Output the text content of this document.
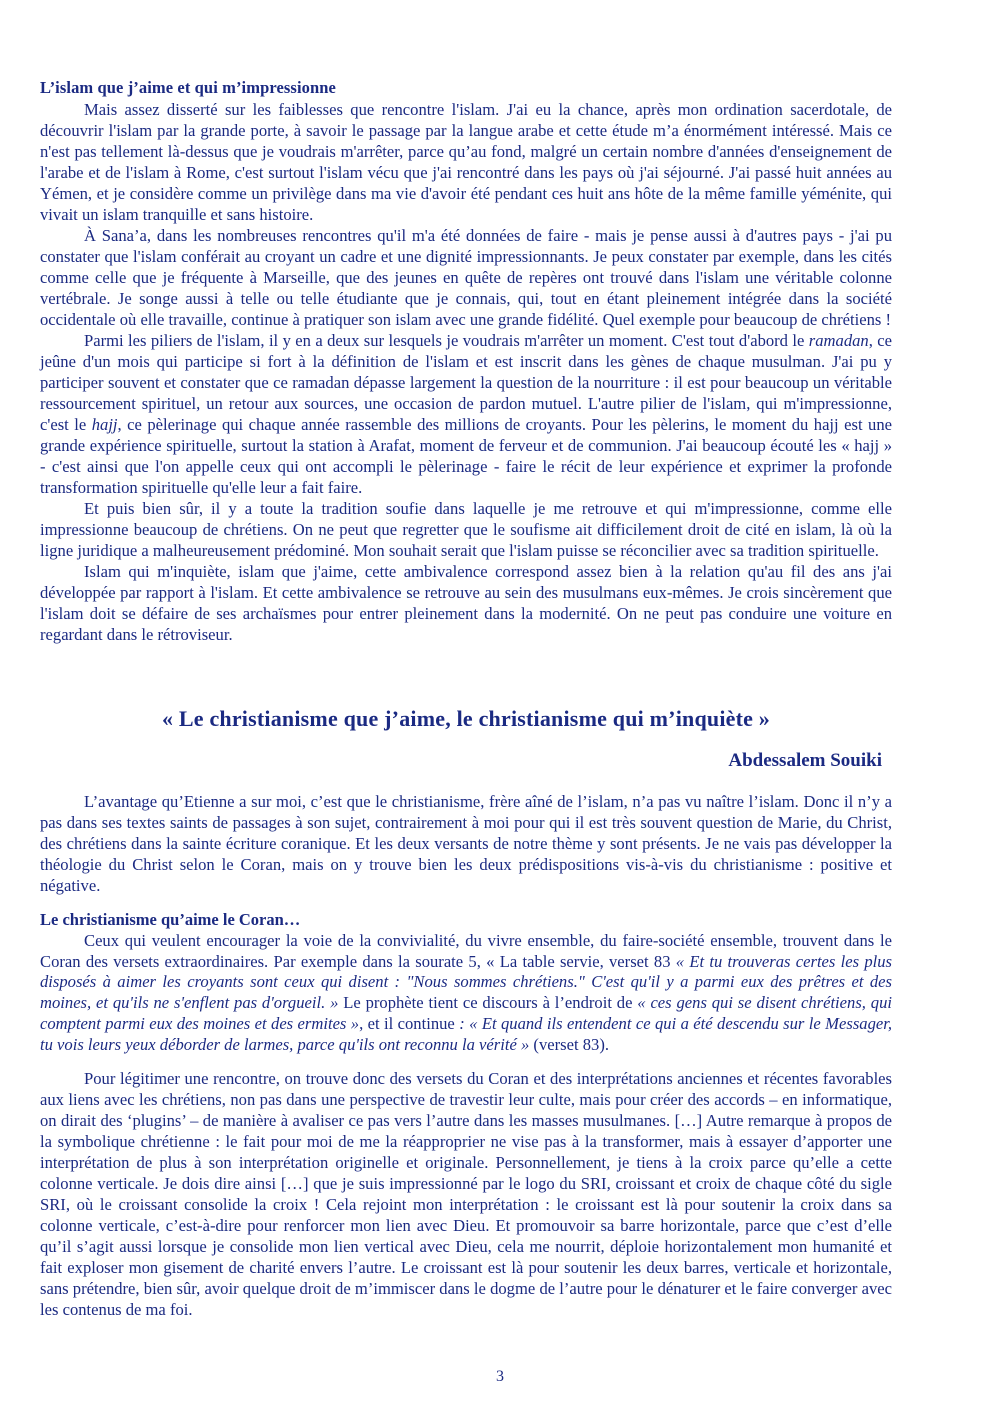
L’islam que j’aime et qui m’impressionne

Mais assez disserté sur les faiblesses que rencontre l'islam. J'ai eu la chance, après mon ordination sacerdotale, de découvrir l'islam par la grande porte, à savoir le passage par la langue arabe et cette étude m’a énormément intéressé. Mais ce n'est pas tellement là-dessus que je voudrais m'arrêter, parce qu’au fond, malgré un certain nombre d'années d'enseignement de l'arabe et de l'islam à Rome, c'est surtout l'islam vécu que j'ai rencontré dans les pays où j'ai séjourné. J'ai passé huit années au Yémen, et je considère comme un privilège dans ma vie d'avoir été pendant ces huit ans hôte de la même famille yéménite, qui vivait un islam tranquille et sans histoire.

À Sana’a, dans les nombreuses rencontres qu'il m'a été données de faire - mais je pense aussi à d'autres pays - j'ai pu constater que l'islam conférait au croyant un cadre et une dignité impressionnants. Je peux constater par exemple, dans les cités comme celle que je fréquente à Marseille, que des jeunes en quête de repères ont trouvé dans l'islam une véritable colonne vertébrale. Je songe aussi à telle ou telle étudiante que je connais, qui, tout en étant pleinement intégrée dans la société occidentale où elle travaille, continue à pratiquer son islam avec une grande fidélité. Quel exemple pour beaucoup de chrétiens !

Parmi les piliers de l'islam, il y en a deux sur lesquels je voudrais m'arrêter un moment. C'est tout d'abord le ramadan, ce jeûne d'un mois qui participe si fort à la définition de l'islam et est inscrit dans les gènes de chaque musulman. J'ai pu y participer souvent et constater que ce ramadan dépasse largement la question de la nourriture : il est pour beaucoup un véritable ressourcement spirituel, un retour aux sources, une occasion de pardon mutuel. L'autre pilier de l'islam, qui m'impressionne, c'est le hajj, ce pèlerinage qui chaque année rassemble des millions de croyants. Pour les pèlerins, le moment du hajj est une grande expérience spirituelle, surtout la station à Arafat, moment de ferveur et de communion. J'ai beaucoup écouté les « hajj » - c'est ainsi que l'on appelle ceux qui ont accompli le pèlerinage - faire le récit de leur expérience et exprimer la profonde transformation spirituelle qu'elle leur a fait faire.

Et puis bien sûr, il y a toute la tradition soufie dans laquelle je me retrouve et qui m'impressionne, comme elle impressionne beaucoup de chrétiens. On ne peut que regretter que le soufisme ait difficilement droit de cité en islam, là où la ligne juridique a malheureusement prédominé. Mon souhait serait que l'islam puisse se réconcilier avec sa tradition spirituelle.

Islam qui m'inquiète, islam que j'aime, cette ambivalence correspond assez bien à la relation qu'au fil des ans j'ai développée par rapport à l'islam. Et cette ambivalence se retrouve au sein des musulmans eux-mêmes. Je crois sincèrement que l'islam doit se défaire de ses archaïsmes pour entrer pleinement dans la modernité. On ne peut pas conduire une voiture en regardant dans le rétroviseur.

« Le christianisme que j’aime, le christianisme qui m’inquiète »
Abdessalem Souiki

L’avantage qu’Etienne a sur moi, c’est que le christianisme, frère aîné de l’islam, n’a pas vu naître l’islam. Donc il n’y a pas dans ses textes saints de passages à son sujet, contrairement à moi pour qui il est très souvent question de Marie, du Christ, des chrétiens dans la sainte écriture coranique. Et les deux versants de notre thème y sont présents. Je ne vais pas développer la théologie du Christ selon le Coran, mais on y trouve bien les deux prédispositions vis-à-vis du christianisme : positive et négative.

Le christianisme qu’aime le Coran…

Ceux qui veulent encourager la voie de la convivialité, du vivre ensemble, du faire-société ensemble, trouvent dans le Coran des versets extraordinaires. Par exemple dans la sourate 5, « La table servie, verset 83 « Et tu trouveras certes les plus disposés à aimer les croyants sont ceux qui disent : "Nous sommes chrétiens." C'est qu'il y a parmi eux des prêtres et des moines, et qu'ils ne s'enflent pas d'orgueil. » Le prophète tient ce discours à l’endroit de « ces gens qui se disent chrétiens, qui comptent parmi eux des moines et des ermites », et il continue : « Et quand ils entendent ce qui a été descendu sur le Messager, tu vois leurs yeux déborder de larmes, parce qu'ils ont reconnu la vérité » (verset 83).

Pour légitimer une rencontre, on trouve donc des versets du Coran et des interprétations anciennes et récentes favorables aux liens avec les chrétiens, non pas dans une perspective de travestir leur culte, mais pour créer des accords – en informatique, on dirait des ‘plugins’ – de manière à avaliser ce pas vers l’autre dans les masses musulmanes. […] Autre remarque à propos de la symbolique chrétienne : le fait pour moi de me la réapproprier ne vise pas à la transformer, mais à essayer d’apporter une interprétation de plus à son interprétation originelle et originale. Personnellement, je tiens à la croix parce qu’elle a cette colonne verticale. Je dois dire ainsi […] que je suis impressionné par le logo du SRI, croissant et croix de chaque côté du sigle SRI, où le croissant consolide la croix ! Cela rejoint mon interprétation : le croissant est là pour soutenir la croix dans sa colonne verticale, c’est-à-dire pour renforcer mon lien avec Dieu. Et promouvoir sa barre horizontale, parce que c’est d’elle qu’il s’agit aussi lorsque je consolide mon lien vertical avec Dieu, cela me nourrit, déploie horizontalement mon humanité et fait exploser mon gisement de charité envers l’autre. Le croissant est là pour soutenir les deux barres, verticale et horizontale, sans prétendre, bien sûr, avoir quelque droit de m’immiscer dans le dogme de l’autre pour le dénaturer et le faire converger avec les contenus de ma foi.

3
